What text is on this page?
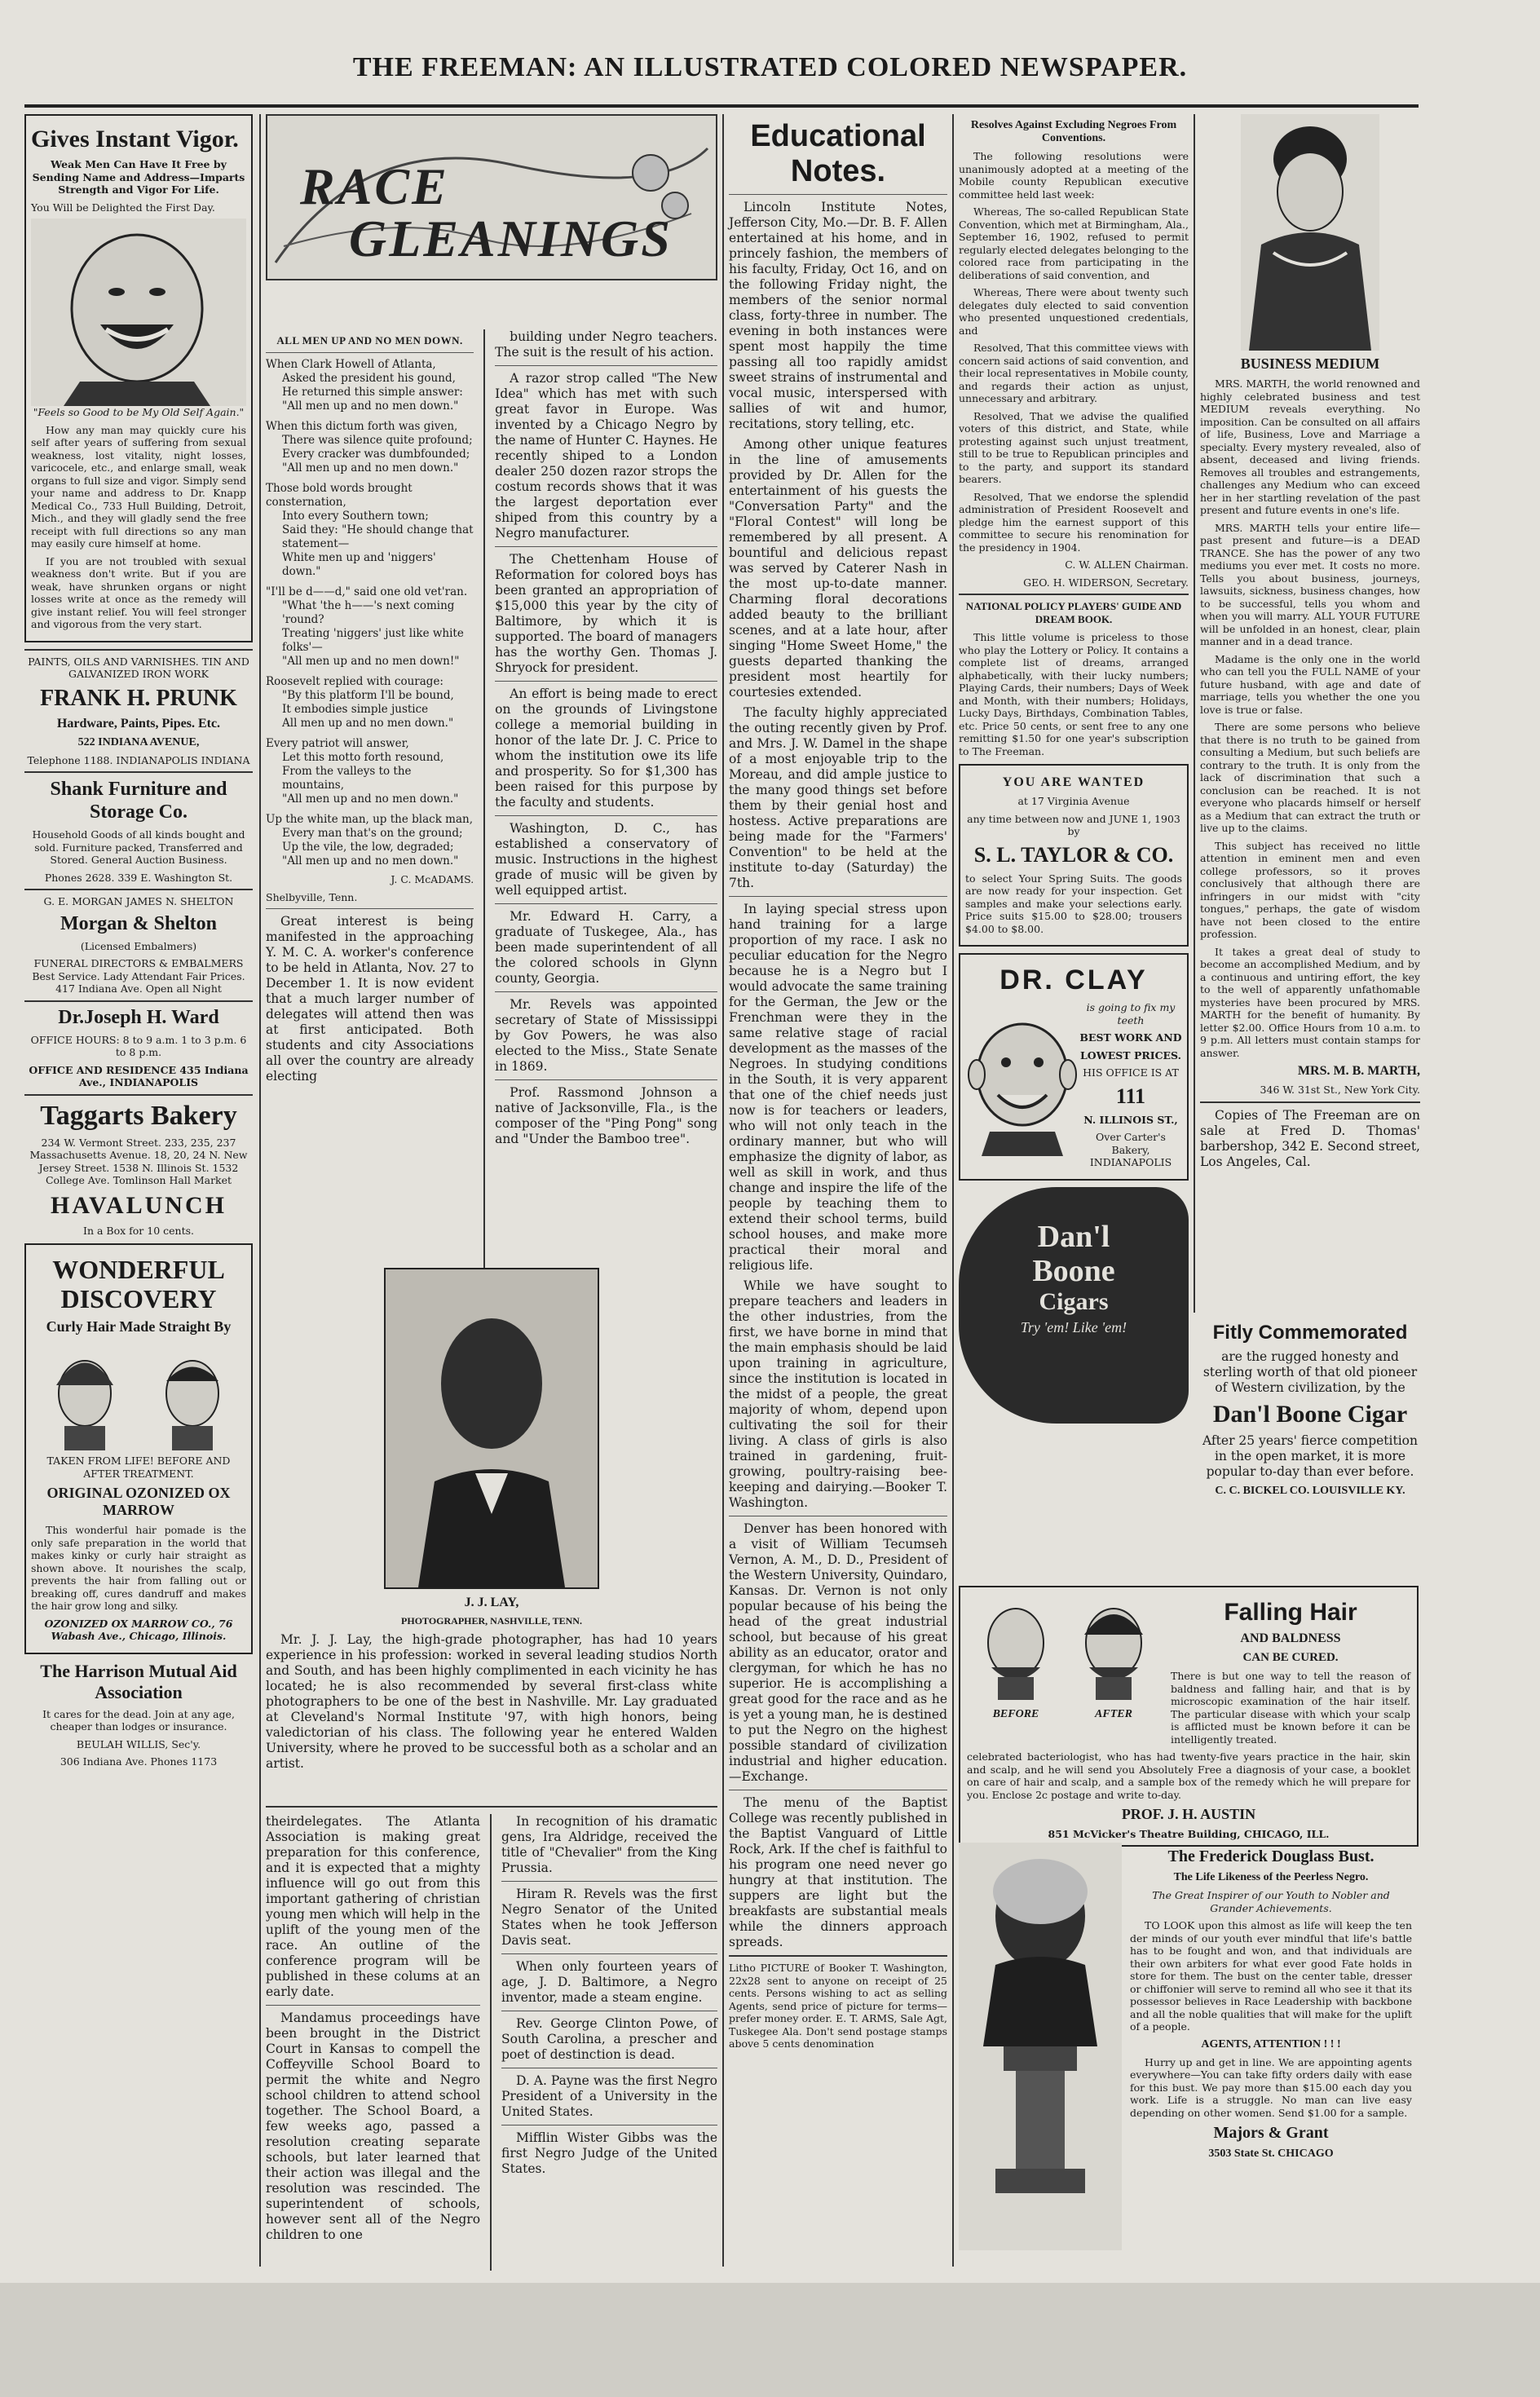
THE FREEMAN: AN ILLUSTRATED COLORED NEWSPAPER.
Gives Instant Vigor.

Weak Men Can Have It Free by Sending Name and Address—Imparts Strength and Vigor For Life.

You Will be Delighted the First Day.

"Feels so Good to be My Old Self Again."

How any man may quickly cure his self after years of suffering from sexual weakness, lost vitality, night losses, varicocele, etc., and enlarge small, weak organs to full size and vigor. Simply send your name and address to Dr. Knapp Medical Co., 733 Hull Building, Detroit, Mich., and they will gladly send the free receipt with full directions so any man may easily cure himself at home.

If you are not troubled with sexual weakness don't write. But if you are weak, have shrunken organs or night losses write at once as the remedy will give instant relief. You will feel stronger and vigorous from the very start.

PAINTS, OILS AND VARNISHES. TIN AND GALVANIZED IRON WORK

FRANK H. PRUNK
Hardware, Paints, Pipes. Etc.
522 INDIANA AVENUE,

Telephone 1188. INDIANAPOLIS INDIANA

Shank Furniture and Storage Co.

Household Goods of all kinds bought and sold. Furniture packed, Transferred and Stored. General Auction Business.

Phones 2628. 339 E. Washington St.

G. E. MORGAN JAMES N. SHELTON

Morgan & Shelton

(Licensed Embalmers)

FUNERAL DIRECTORS & EMBALMERS Best Service. Lady Attendant Fair Prices. 417 Indiana Ave. Open all Night

Dr.Joseph H. Ward

OFFICE HOURS: 8 to 9 a.m. 1 to 3 p.m. 6 to 8 p.m.

OFFICE AND RESIDENCE 435 Indiana Ave., INDIANAPOLIS

Taggarts Bakery

234 W. Vermont Street. 233, 235, 237 Massachusetts Avenue. 18, 20, 24 N. New Jersey Street. 1538 N. Illinois St. 1532 College Ave. Tomlinson Hall Market

HAVALUNCH

In a Box for 10 cents.

WONDERFUL DISCOVERY
Curly Hair Made Straight By

TAKEN FROM LIFE! BEFORE AND AFTER TREATMENT.

ORIGINAL OZONIZED OX MARROW

This wonderful hair pomade is the only safe preparation in the world that makes kinky or curly hair straight as shown above. It nourishes the scalp, prevents the hair from falling out or breaking off, cures dandruff and makes the hair grow long and silky.

OZONIZED OX MARROW CO., 76 Wabash Ave., Chicago, Illinois.

The Harrison Mutual Aid Association

It cares for the dead. Join at any age, cheaper than lodges or insurance.

BEULAH WILLIS, Sec'y.

306 Indiana Ave. Phones 1173

RACE
GLEANINGS
ALL MEN UP AND NO MEN DOWN.

When Clark Howell of Atlanta,

Asked the president his gound,

He returned this simple answer:

"All men up and no men down."

When this dictum forth was given,

There was silence quite profound;

Every cracker was dumbfounded;

"All men up and no men down."

Those bold words brought consternation,

Into every Southern town;

Said they: "He should change that statement—

White men up and 'niggers' down."

"I'll be d——d," said one old vet'ran.

"What 'the h——'s next coming 'round?

Treating 'niggers' just like white folks'—

"All men up and no men down!"

Roosevelt replied with courage:

"By this platform I'll be bound,

It embodies simple justice

All men up and no men down."

Every patriot will answer,

Let this motto forth resound,

From the valleys to the mountains,

"All men up and no men down."

Up the white man, up the black man,

Every man that's on the ground;

Up the vile, the low, degraded;

"All men up and no men down."

J. C. McADAMS.

Shelbyville, Tenn.

Great interest is being manifested in the approaching Y. M. C. A. worker's conference to be held in Atlanta, Nov. 27 to December 1. It is now evident that a much larger number of delegates will attend then was at first anticipated. Both students and city Associations all over the country are already electing

building under Negro teachers. The suit is the result of his action.

A razor strop called "The New Idea" which has met with such great favor in Europe. Was invented by a Chicago Negro by the name of Hunter C. Haynes. He recently shiped to a London dealer 250 dozen razor strops the costum records shows that it was the largest deportation ever shiped from this country by a Negro manufacturer.

The Chettenham House of Reformation for colored boys has been granted an appropriation of $15,000 this year by the city of Baltimore, by which it is supported. The board of managers has the worthy Gen. Thomas J. Shryock for president.

An effort is being made to erect on the grounds of Livingstone college a memorial building in honor of the late Dr. J. C. Price to whom the institution owe its life and prosperity. So for $1,300 has been raised for this purpose by the faculty and students.

Washington, D. C., has established a conservatory of music. Instructions in the highest grade of music will be given by well equipped artist.

Mr. Edward H. Carry, a graduate of Tuskegee, Ala., has been made superintendent of all the colored schools in Glynn county, Georgia.

Mr. Revels was appointed secretary of State of Mississippi by Gov Powers, he was also elected to the Miss., State Senate in 1869.

Prof. Rassmond Johnson a native of Jacksonville, Fla., is the composer of the "Ping Pong" song and "Under the Bamboo tree".

J. J. LAY,
PHOTOGRAPHER, NASHVILLE, TENN.

Mr. J. J. Lay, the high-grade photographer, has had 10 years experience in his profession: worked in several leading studios North and South, and has been highly complimented in each vicinity he has located; he is also recommended by several first-class white photographers to be one of the best in Nashville. Mr. Lay graduated at Cleveland's Normal Institute '97, with high honors, being valedictorian of his class. The following year he entered Walden University, where he proved to be successful both as a scholar and an artist.

theirdelegates. The Atlanta Association is making great preparation for this conference, and it is expected that a mighty influence will go out from this important gathering of christian young men which will help in the uplift of the young men of the race. An outline of the conference program will be published in these colums at an early date.

Mandamus proceedings have been brought in the District Court in Kansas to compell the Coffeyville School Board to permit the white and Negro school children to attend school together. The School Board, a few weeks ago, passed a resolution creating separate schools, but later learned that their action was illegal and the resolution was rescinded. The superintendent of schools, however sent all of the Negro children to one

In recognition of his dramatic gens, Ira Aldridge, received the title of "Chevalier" from the King Prussia.

Hiram R. Revels was the first Negro Senator of the United States when he took Jefferson Davis seat.

When only fourteen years of age, J. D. Baltimore, a Negro inventor, made a steam engine.

Rev. George Clinton Powe, of South Carolina, a prescher and poet of destinction is dead.

D. A. Payne was the first Negro President of a University in the United States.

Mifflin Wister Gibbs was the first Negro Judge of the United States.

Educational Notes.

Lincoln Institute Notes, Jefferson City, Mo.—Dr. B. F. Allen entertained at his home, and in princely fashion, the members of his faculty, Friday, Oct 16, and on the following Friday night, the members of the senior normal class, forty-three in number. The evening in both instances were spent most happily the time passing all too rapidly amidst sweet strains of instrumental and vocal music, interspersed with sallies of wit and humor, recitations, story telling, etc.

Among other unique features in the line of amusements provided by Dr. Allen for the entertainment of his guests the "Conversation Party" and the "Floral Contest" will long be remembered by all present. A bountiful and delicious repast was served by Caterer Nash in the most up-to-date manner. Charming floral decorations added beauty to the brilliant scenes, and at a late hour, after singing "Home Sweet Home," the guests departed thanking the president most heartily for courtesies extended.

The faculty highly appreciated the outing recently given by Prof. and Mrs. J. W. Damel in the shape of a most enjoyable trip to the Moreau, and did ample justice to the many good things set before them by their genial host and hostess. Active preparations are being made for the "Farmers' Convention" to be held at the institute to-day (Saturday) the 7th.

In laying special stress upon hand training for a large proportion of my race. I ask no peculiar education for the Negro because he is a Negro but I would advocate the same training for the German, the Jew or the Frenchman were they in the same relative stage of racial development as the masses of the Negroes. In studying conditions in the South, it is very apparent that one of the chief needs just now is for teachers or leaders, who will not only teach in the ordinary manner, but who will emphasize the dignity of labor, as well as skill in work, and thus change and inspire the life of the people by teaching them to extend their school terms, build school houses, and make more practical their moral and religious life.

While we have sought to prepare teachers and leaders in the other industries, from the first, we have borne in mind that the main emphasis should be laid upon training in agriculture, since the institution is located in the midst of a people, the great majority of whom, depend upon cultivating the soil for their living. A class of girls is also trained in gardening, fruit-growing, poultry-raising bee-keeping and dairying.—Booker T. Washington.

Denver has been honored with a visit of William Tecumseh Vernon, A. M., D. D., President of the Western University, Quindaro, Kansas. Dr. Vernon is not only popular because of his being the head of the great industrial school, but because of his great ability as an educator, orator and clergyman, for which he has no superior. He is accomplishing a great good for the race and as he is yet a young man, he is destined to put the Negro on the highest possible standard of civilization industrial and higher education.—Exchange.

The menu of the Baptist College was recently published in the Baptist Vanguard of Little Rock, Ark. If the chef is faithful to his program one need never go hungry at that institution. The suppers are light but the breakfasts are substantial meals while the dinners approach spreads.

Litho PICTURE of Booker T. Washington, 22x28 sent to anyone on receipt of 25 cents. Persons wishing to act as selling Agents, send price of picture for terms—prefer money order. E. T. ARMS, Sale Agt, Tuskegee Ala. Don't send postage stamps above 5 cents denomination

Resolves Against Excluding Negroes From Conventions.

The following resolutions were unanimously adopted at a meeting of the Mobile county Republican executive committee held last week:

Whereas, The so-called Republican State Convention, which met at Birmingham, Ala., September 16, 1902, refused to permit regularly elected delegates belonging to the colored race from participating in the deliberations of said convention, and

Whereas, There were about twenty such delegates duly elected to said convention who presented unquestioned credentials, and

Resolved, That this committee views with concern said actions of said convention, and their local representatives in Mobile county, and regards their action as unjust, unnecessary and arbitrary.

Resolved, That we advise the qualified voters of this district, and State, while protesting against such unjust treatment, still to be true to Republican principles and to the party, and support its standard bearers.

Resolved, That we endorse the splendid administration of President Roosevelt and pledge him the earnest support of this committee to secure his renomination for the presidency in 1904.

C. W. ALLEN Chairman.

GEO. H. WIDERSON, Secretary.

NATIONAL POLICY PLAYERS' GUIDE AND DREAM BOOK.

This little volume is priceless to those who play the Lottery or Policy. It contains a complete list of dreams, arranged alphabetically, with their lucky numbers; Playing Cards, their numbers; Days of Week and Month, with their numbers; Holidays, Lucky Days, Birthdays, Combination Tables, etc. Price 50 cents, or sent free to any one remitting $1.50 for one year's subscription to The Freeman.

YOU ARE WANTED

at 17 Virginia Avenue

any time between now and JUNE 1, 1903 by

S. L. TAYLOR & CO.

to select Your Spring Suits. The goods are now ready for your inspection. Get samples and make your selections early. Price suits $15.00 to $28.00; trousers $4.00 to $8.00.

DR. CLAY

is going to fix my teeth

BEST WORK AND

LOWEST PRICES.

HIS OFFICE IS AT

111

N. ILLINOIS ST.,

Over Carter's Bakery, INDIANAPOLIS

Dan'l
Boone
Cigars
Try 'em! Like 'em!
BUSINESS MEDIUM

MRS. MARTH, the world renowned and highly celebrated business and test MEDIUM reveals everything. No imposition. Can be consulted on all affairs of life, Business, Love and Marriage a specialty. Every mystery revealed, also of absent, deceased and living friends. Removes all troubles and estrangements, challenges any Medium who can exceed her in her startling revelation of the past present and future events in one's life.

MRS. MARTH tells your entire life—past present and future—is a DEAD TRANCE. She has the power of any two mediums you ever met. It costs no more. Tells you about business, journeys, lawsuits, sickness, business changes, how to be successful, tells you whom and when you will marry. ALL YOUR FUTURE will be unfolded in an honest, clear, plain manner and in a dead trance.

Madame is the only one in the world who can tell you the FULL NAME of your future husband, with age and date of marriage, tells you whether the one you love is true or false.

There are some persons who believe that there is no truth to be gained from consulting a Medium, but such beliefs are contrary to the truth. It is only from the lack of discrimination that such a conclusion can be reached. It is not everyone who placards himself or herself as a Medium that can extract the truth or live up to the claims.

This subject has received no little attention in eminent men and even college professors, so it proves conclusively that although there are infringers in our midst with "city tongues," perhaps, the gate of wisdom have not been closed to the entire profession.

It takes a great deal of study to become an accomplished Medium, and by a continuous and untiring effort, the key to the well of apparently unfathomable mysteries have been procured by MRS. MARTH for the benefit of humanity. By letter $2.00. Office Hours from 10 a.m. to 9 p.m. All letters must contain stamps for answer.

MRS. M. B. MARTH,

346 W. 31st St., New York City.

Copies of The Freeman are on sale at Fred D. Thomas' barbershop, 342 E. Second street, Los Angeles, Cal.

Fitly Commemorated

are the rugged honesty and sterling worth of that old pioneer of Western civilization, by the

Dan'l Boone Cigar

After 25 years' fierce competition in the open market, it is more popular to-day than ever before.

C. C. BICKEL CO. LOUISVILLE KY.
BEFORE	AFTER
Falling Hair
AND BALDNESS
CAN BE CURED.

There is but one way to tell the reason of baldness and falling hair, and that is by microscopic examination of the hair itself. The particular disease with which your scalp is afflicted must be known before it can be intelligently treated.

celebrated bacteriologist, who has had twenty-five years practice in the hair, skin and scalp, and he will send you Absolutely Free a diagnosis of your case, a booklet on care of hair and scalp, and a sample box of the remedy which he will prepare for you. Enclose 2c postage and write to-day.

PROF. J. H. AUSTIN

851 McVicker's Theatre Building, CHICAGO, ILL.

The Frederick Douglass Bust.
The Life Likeness of the Peerless Negro.

The Great Inspirer of our Youth to Nobler and Grander Achievements.

TO LOOK upon this almost as life will keep the ten der minds of our youth ever mindful that life's battle has to be fought and won, and that individuals are their own arbiters for what ever good Fate holds in store for them. The bust on the center table, dresser or chiffonier will serve to remind all who see it that its possessor believes in Race Leadership with backbone and all the noble qualities that will make for the uplift of a people.

AGENTS, ATTENTION ! ! !

Hurry up and get in line. We are appointing agents everywhere—You can take fifty orders daily with ease for this bust. We pay more than $15.00 each day you work. Life is a struggle. No man can live easy depending on other women. Send $1.00 for a sample.

Majors & Grant
3503 State St. CHICAGO
